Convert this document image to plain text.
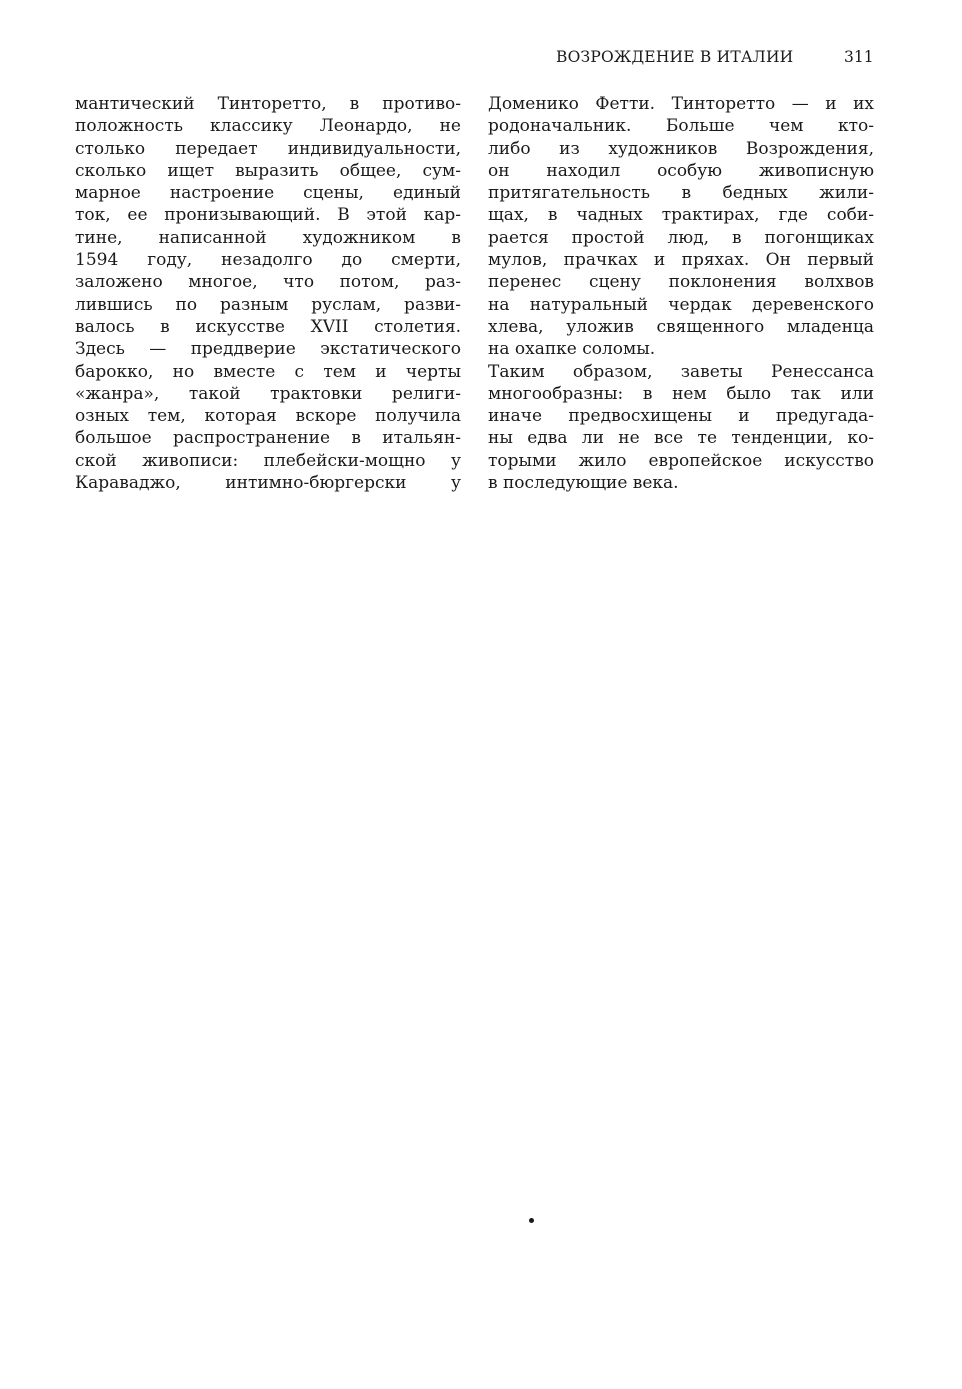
ВОЗРОЖДЕНИЕ В ИТАЛИИ	311
мантический Тинторетто, в противо-
положность классику Леонардо, не
столько передает индивидуальности,
сколько ищет выразить общее, сум-
марное настроение сцены, единый
ток, ее пронизывающий. В этой кар-
тине, написанной художником в
1594 году, незадолго до смерти,
заложено многое, что потом, раз-
лившись по разным руслам, разви-
валось в искусстве XVII столетия.
Здесь — преддверие экстатического
барокко, но вместе с тем и черты
«жанра», такой трактовки религи-
озных тем, которая вскоре получила
большое распространение в итальян-
ской живописи: плебейски-мощно у
Караваджо, интимно-бюргерски у
Доменико Фетти. Тинторетто — и их
родоначальник. Больше чем кто-
либо из художников Возрождения,
он находил особую живописную
притягательность в бедных жили-
щах, в чадных трактирах, где соби-
рается простой люд, в погонщиках
мулов, прачках и пряхах. Он первый
перенес сцену поклонения волхвов
на натуральный чердак деревенского
хлева, уложив священного младенца
на охапке соломы.
Таким образом, заветы Ренессанса
многообразны: в нем было так или
иначе предвосхищены и предугада-
ны едва ли не все те тенденции, ко-
торыми жило европейское искусство
в последующие века.
